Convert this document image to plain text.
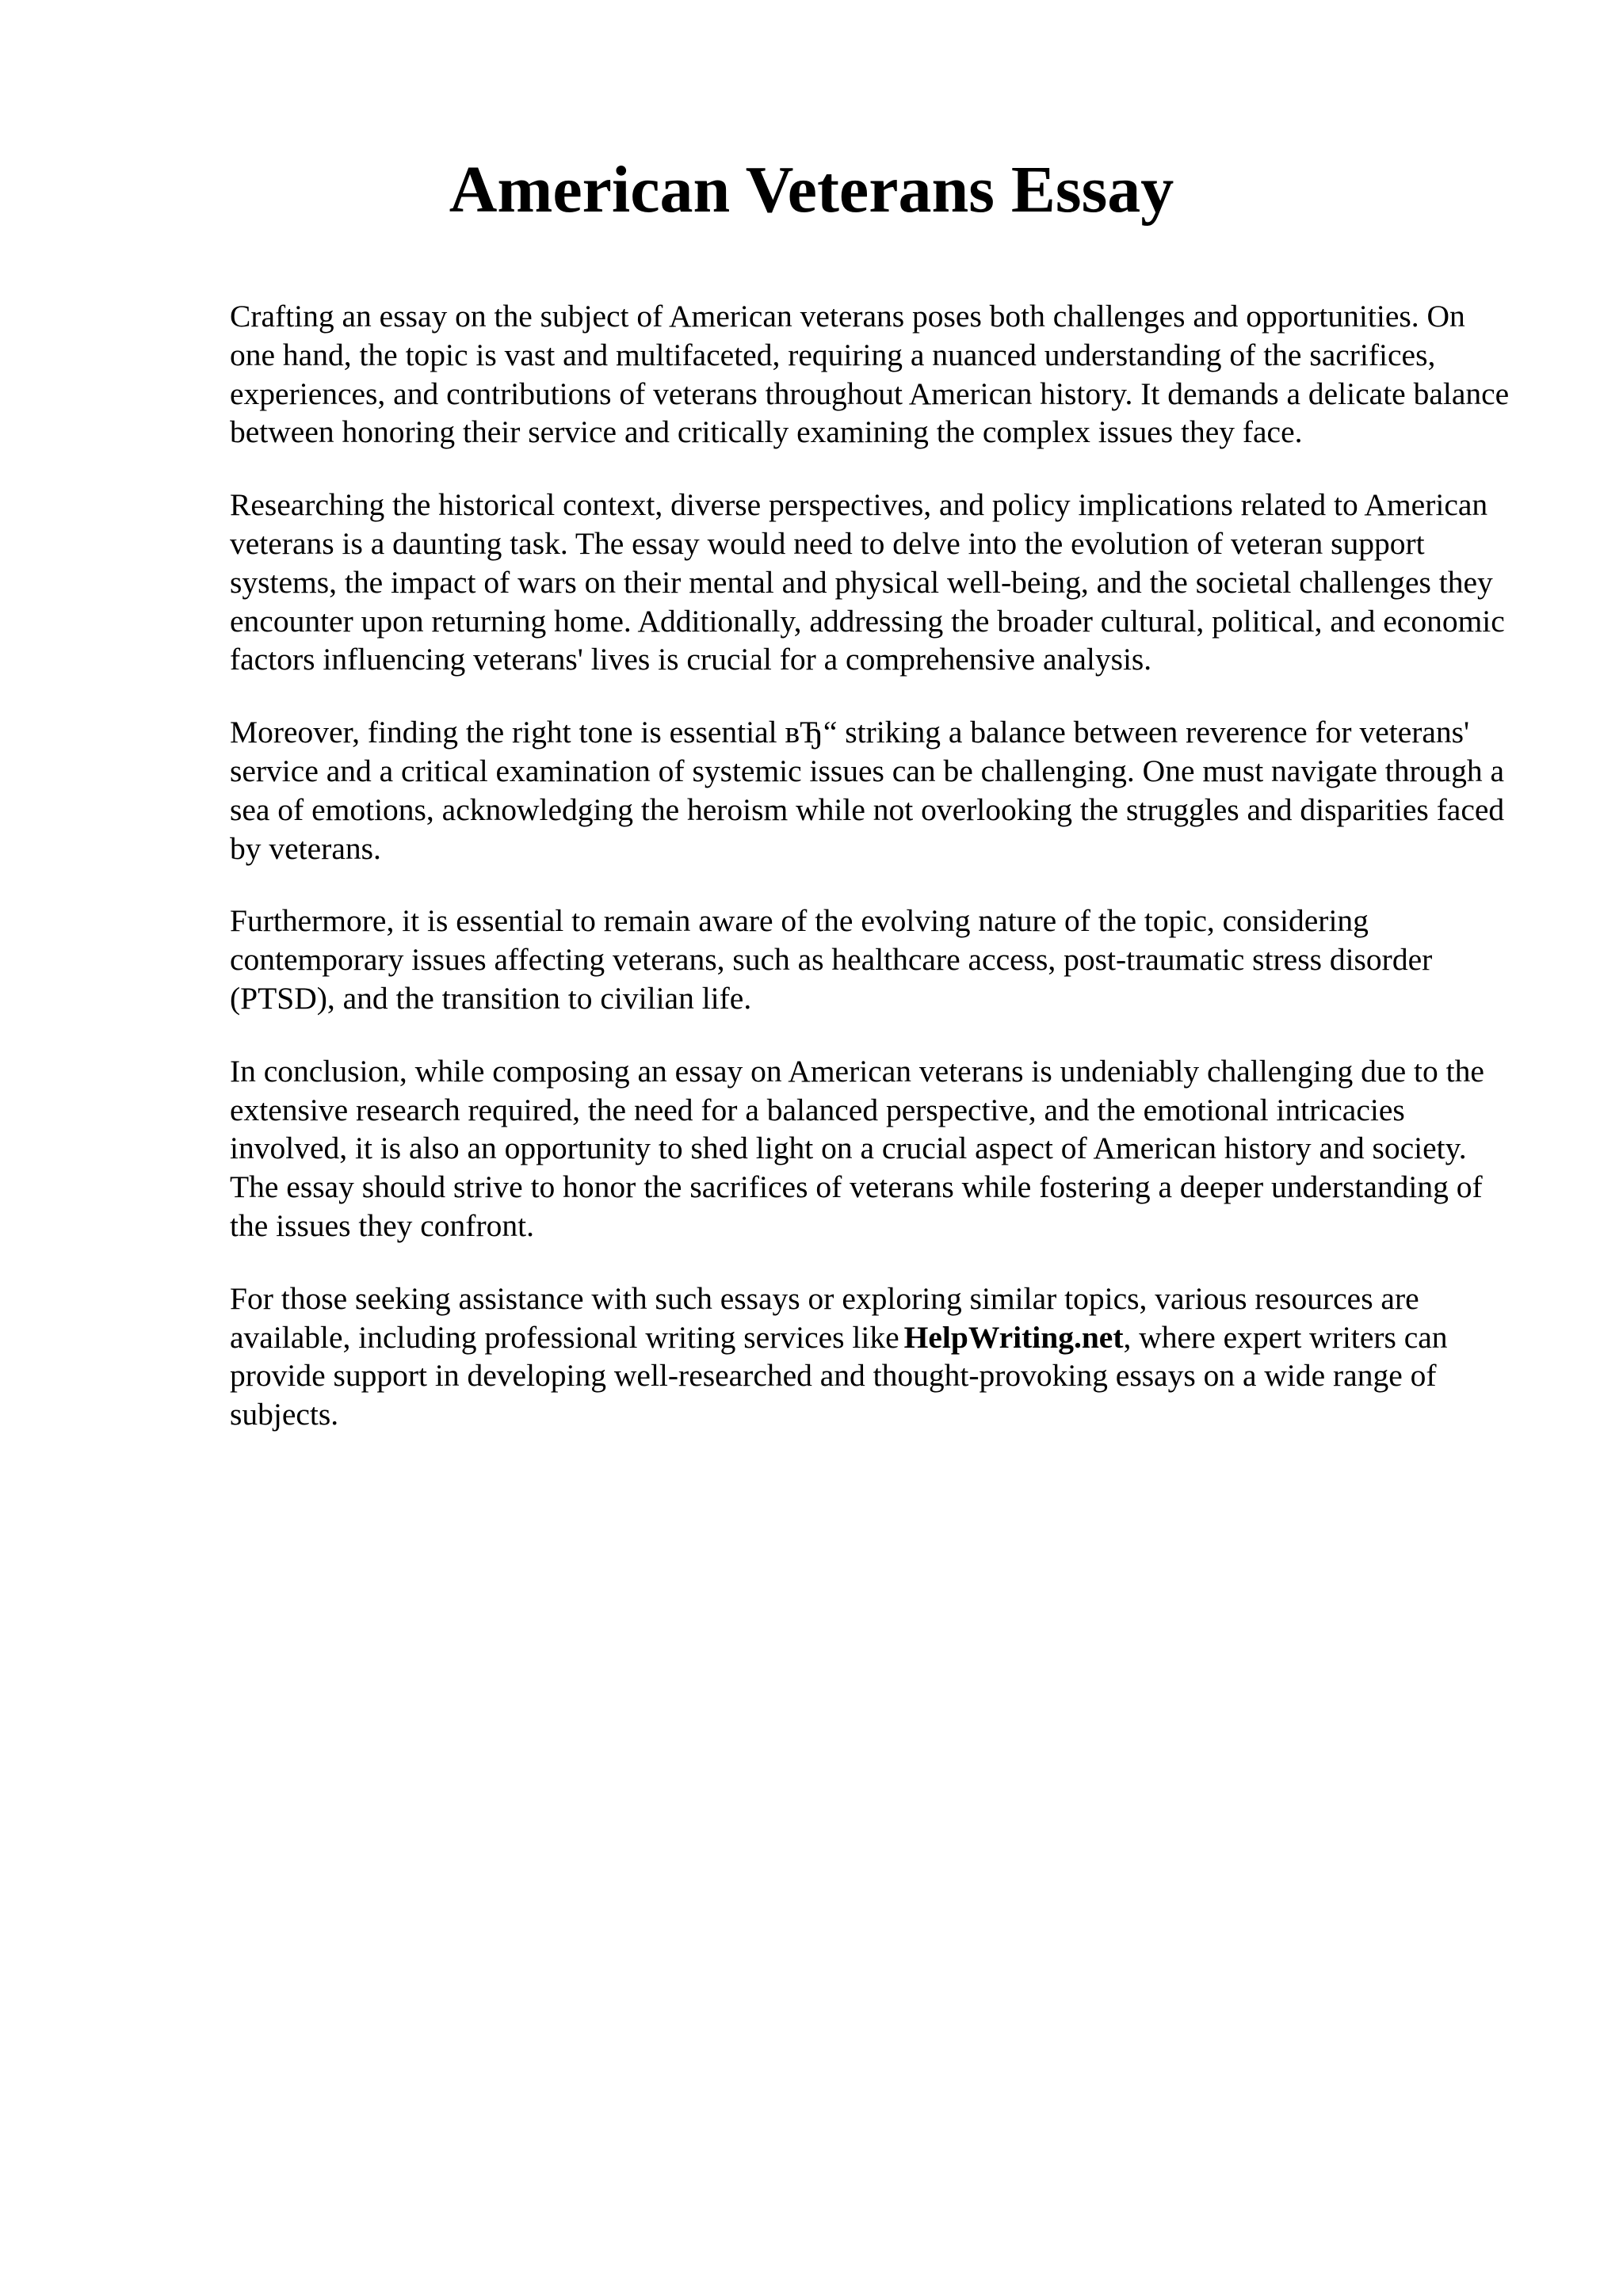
American Veterans Essay

Crafting an essay on the subject of American veterans poses both challenges and opportunities. On one hand, the topic is vast and multifaceted, requiring a nuanced understanding of the sacrifices, experiences, and contributions of veterans throughout American history. It demands a delicate balance between honoring their service and critically examining the complex issues they face.

Researching the historical context, diverse perspectives, and policy implications related to American veterans is a daunting task. The essay would need to delve into the evolution of veteran support systems, the impact of wars on their mental and physical well-being, and the societal challenges they encounter upon returning home. Additionally, addressing the broader cultural, political, and economic factors influencing veterans' lives is crucial for a comprehensive analysis.

Moreover, finding the right tone is essential вЂ“ striking a balance between reverence for veterans' service and a critical examination of systemic issues can be challenging. One must navigate through a sea of emotions, acknowledging the heroism while not overlooking the struggles and disparities faced by veterans.

Furthermore, it is essential to remain aware of the evolving nature of the topic, considering contemporary issues affecting veterans, such as healthcare access, post-traumatic stress disorder (PTSD), and the transition to civilian life.

In conclusion, while composing an essay on American veterans is undeniably challenging due to the extensive research required, the need for a balanced perspective, and the emotional intricacies involved, it is also an opportunity to shed light on a crucial aspect of American history and society. The essay should strive to honor the sacrifices of veterans while fostering a deeper understanding of the issues they confront.

For those seeking assistance with such essays or exploring similar topics, various resources are available, including professional writing services like HelpWriting.net, where expert writers can provide support in developing well-researched and thought-provoking essays on a wide range of subjects.
